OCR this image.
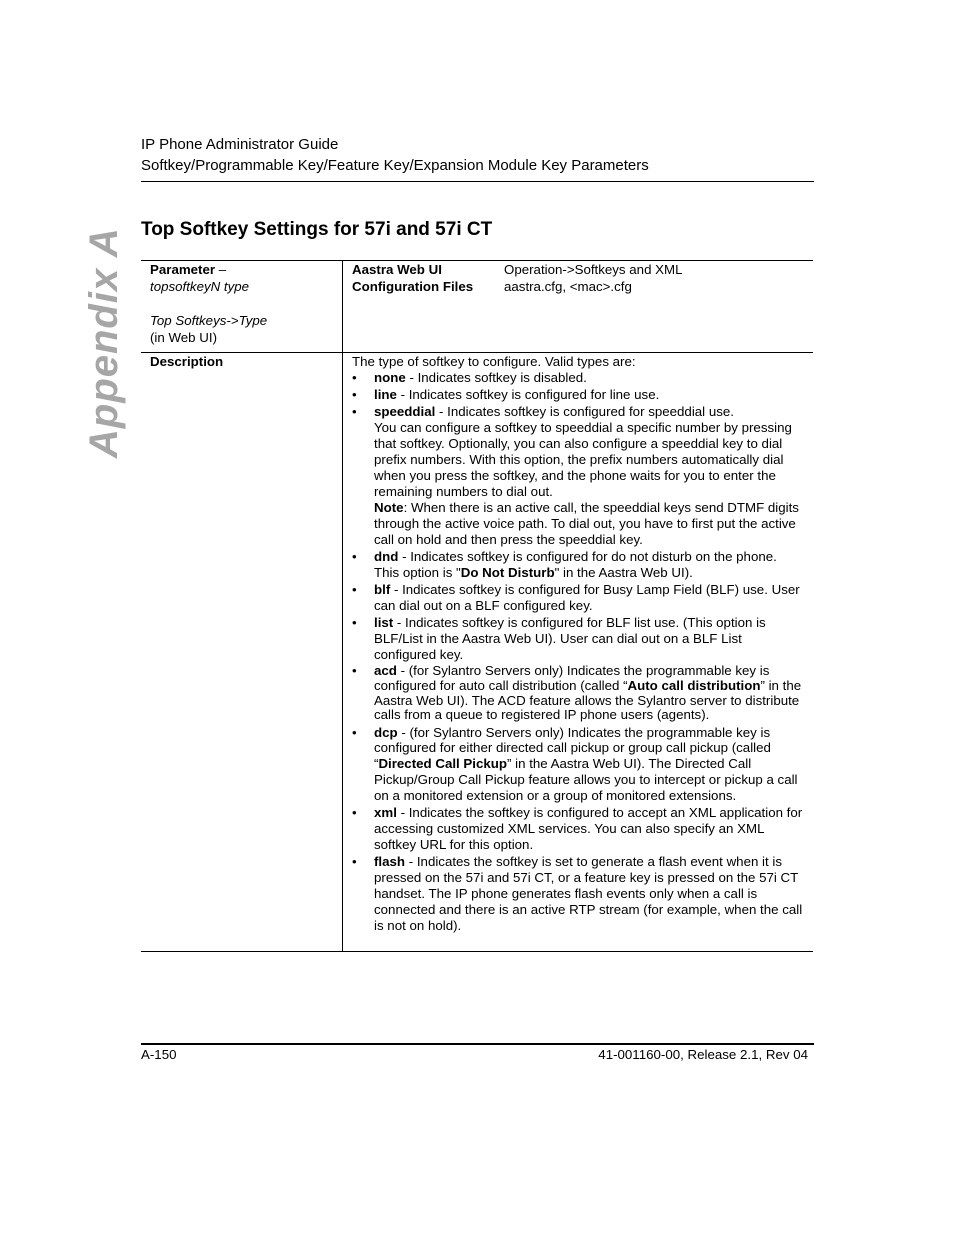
IP Phone Administrator Guide
Softkey/Programmable Key/Feature Key/Expansion Module Key Parameters
Appendix A Top Softkey Settings for 57i and 57i CT
Parameter –
topsoftkeyN type
Top Softkeys->Type
(in Web UI)
Aastra Web UI
Configuration Files
Operation->Softkeys and XML
aastra.cfg, <mac>.cfg
Description	The type of softkey to configure. Valid types are:
• none - Indicates softkey is disabled.
• line - Indicates softkey is configured for line use.
• speeddial - Indicates softkey is configured for speeddial use.
You can configure a softkey to speeddial a specific number by pressing that softkey. Optionally, you can also configure a speeddial key to dial prefix numbers. With this option, the prefix numbers automatically dial when you press the softkey, and the phone waits for you to enter the remaining numbers to dial out.
Note: When there is an active call, the speeddial keys send DTMF digits through the active voice path. To dial out, you have to first put the active call on hold and then press the speeddial key.
• dnd - Indicates softkey is configured for do not disturb on the phone. This option is "Do Not Disturb" in the Aastra Web UI).
• blf - Indicates softkey is configured for Busy Lamp Field (BLF) use. User can dial out on a BLF configured key.
• list - Indicates softkey is configured for BLF list use. (This option is BLF/List in the Aastra Web UI). User can dial out on a BLF List configured key.
• acd - (for Sylantro Servers only) Indicates the programmable key is configured for auto call distribution (called “Auto call distribution” in the Aastra Web UI). The ACD feature allows the Sylantro server to distribute calls from a queue to registered IP phone users (agents).
• dcp - (for Sylantro Servers only) Indicates the programmable key is configured for either directed call pickup or group call pickup (called “Directed Call Pickup” in the Aastra Web UI). The Directed Call Pickup/Group Call Pickup feature allows you to intercept or pickup a call on a monitored extension or a group of monitored extensions.
• xml - Indicates the softkey is configured to accept an XML application for accessing customized XML services. You can also specify an XML softkey URL for this option.
• flash - Indicates the softkey is set to generate a flash event when it is pressed on the 57i and 57i CT, or a feature key is pressed on the 57i CT handset. The IP phone generates flash events only when a call is connected and there is an active RTP stream (for example, when the call is not on hold).
A-150	41-001160-00, Release 2.1, Rev 04
